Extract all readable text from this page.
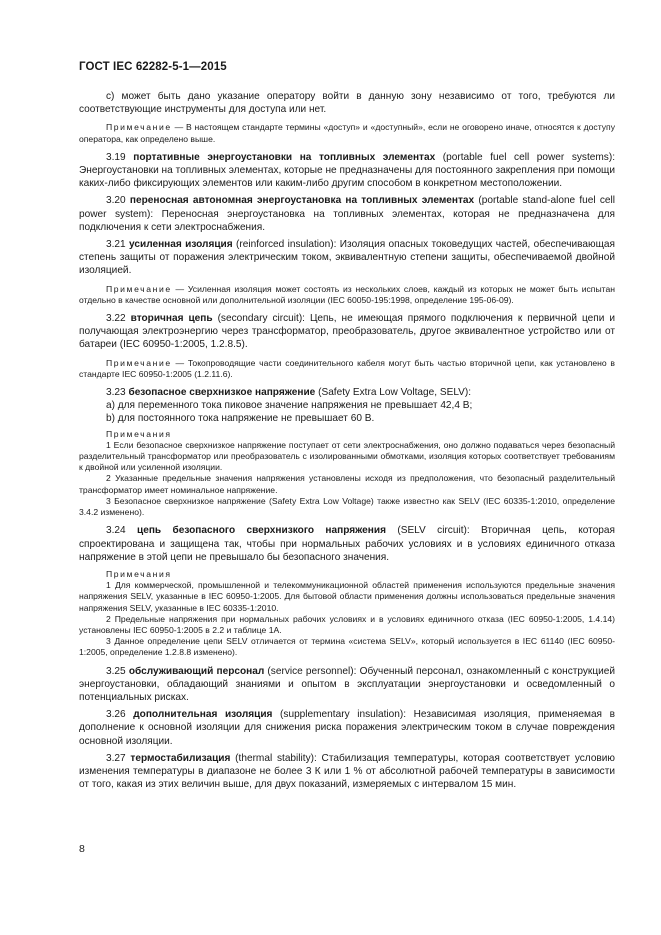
ГОСТ IEC 62282-5-1—2015

с) может быть дано указание оператору войти в данную зону независимо от того, требуются ли соответствующие инструменты для доступа или нет.

Примечание — В настоящем стандарте термины «доступ» и «доступный», если не оговорено иначе, относятся к доступу оператора, как определено выше.

3.19 портативные энергоустановки на топливных элементах (portable fuel cell power systems): Энергоустановки на топливных элементах, которые не предназначены для постоянного закрепления при помощи каких-либо фиксирующих элементов или каким-либо другим способом в конкретном местоположении.

3.20 переносная автономная энергоустановка на топливных элементах (portable stand-alone fuel cell power system): Переносная энергоустановка на топливных элементах, которая не предназначена для подключения к сети электроснабжения.

3.21 усиленная изоляция (reinforced insulation): Изоляция опасных токоведущих частей, обеспечивающая степень защиты от поражения электрическим током, эквивалентную степени защиты, обеспечиваемой двойной изоляцией.

Примечание — Усиленная изоляция может состоять из нескольких слоев, каждый из которых не может быть испытан отдельно в качестве основной или дополнительной изоляции (IEC 60050-195:1998, определение 195-06-09).

3.22 вторичная цепь (secondary circuit): Цепь, не имеющая прямого подключения к первичной цепи и получающая электроэнергию через трансформатор, преобразователь, другое эквивалентное устройство или от батареи (IEC 60950-1:2005, 1.2.8.5).

Примечание — Токопроводящие части соединительного кабеля могут быть частью вторичной цепи, как установлено в стандарте IEC 60950-1:2005 (1.2.11.6).

3.23 безопасное сверхнизкое напряжение (Safety Extra Low Voltage, SELV):

а) для переменного тока пиковое значение напряжения не превышает 42,4 В;

b) для постоянного тока напряжение не превышает 60 В.

Примечания

1 Если безопасное сверхнизкое напряжение поступает от сети электроснабжения, оно должно подаваться через безопасный разделительный трансформатор или преобразователь с изолированными обмотками, изоляция которых соответствует требованиям к двойной или усиленной изоляции.

2 Указанные предельные значения напряжения установлены исходя из предположения, что безопасный разделительный трансформатор имеет номинальное напряжение.

3 Безопасное сверхнизкое напряжение (Safety Extra Low Voltage) также известно как SELV (IEC 60335-1:2010, определение 3.4.2 изменено).

3.24 цепь безопасного сверхнизкого напряжения (SELV circuit): Вторичная цепь, которая спроектирована и защищена так, чтобы при нормальных рабочих условиях и в условиях единичного отказа напряжение в этой цепи не превышало бы безопасного значения.

Примечания

1 Для коммерческой, промышленной и телекоммуникационной областей применения используются предельные значения напряжения SELV, указанные в IEC 60950-1:2005. Для бытовой области применения должны использоваться предельные значения напряжения SELV, указанные в IEC 60335-1:2010.

2 Предельные напряжения при нормальных рабочих условиях и в условиях единичного отказа (IEC 60950-1:2005, 1.4.14) установлены IEC 60950-1:2005 в 2.2 и таблице 1А.

3 Данное определение цепи SELV отличается от термина «система SELV», который используется в IEC 61140 (IEC 60950-1:2005, определение 1.2.8.8 изменено).

3.25 обслуживающий персонал (service personnel): Обученный персонал, ознакомленный с конструкцией энергоустановки, обладающий знаниями и опытом в эксплуатации энергоустановки и осведомленный о потенциальных рисках.

3.26 дополнительная изоляция (supplementary insulation): Независимая изоляция, применяемая в дополнение к основной изоляции для снижения риска поражения электрическим током в случае повреждения основной изоляции.

3.27 термостабилизация (thermal stability): Стабилизация температуры, которая соответствует условию изменения температуры в диапазоне не более 3 К или 1 % от абсолютной рабочей температуры в зависимости от того, какая из этих величин выше, для двух показаний, измеряемых с интервалом 15 мин.

8
